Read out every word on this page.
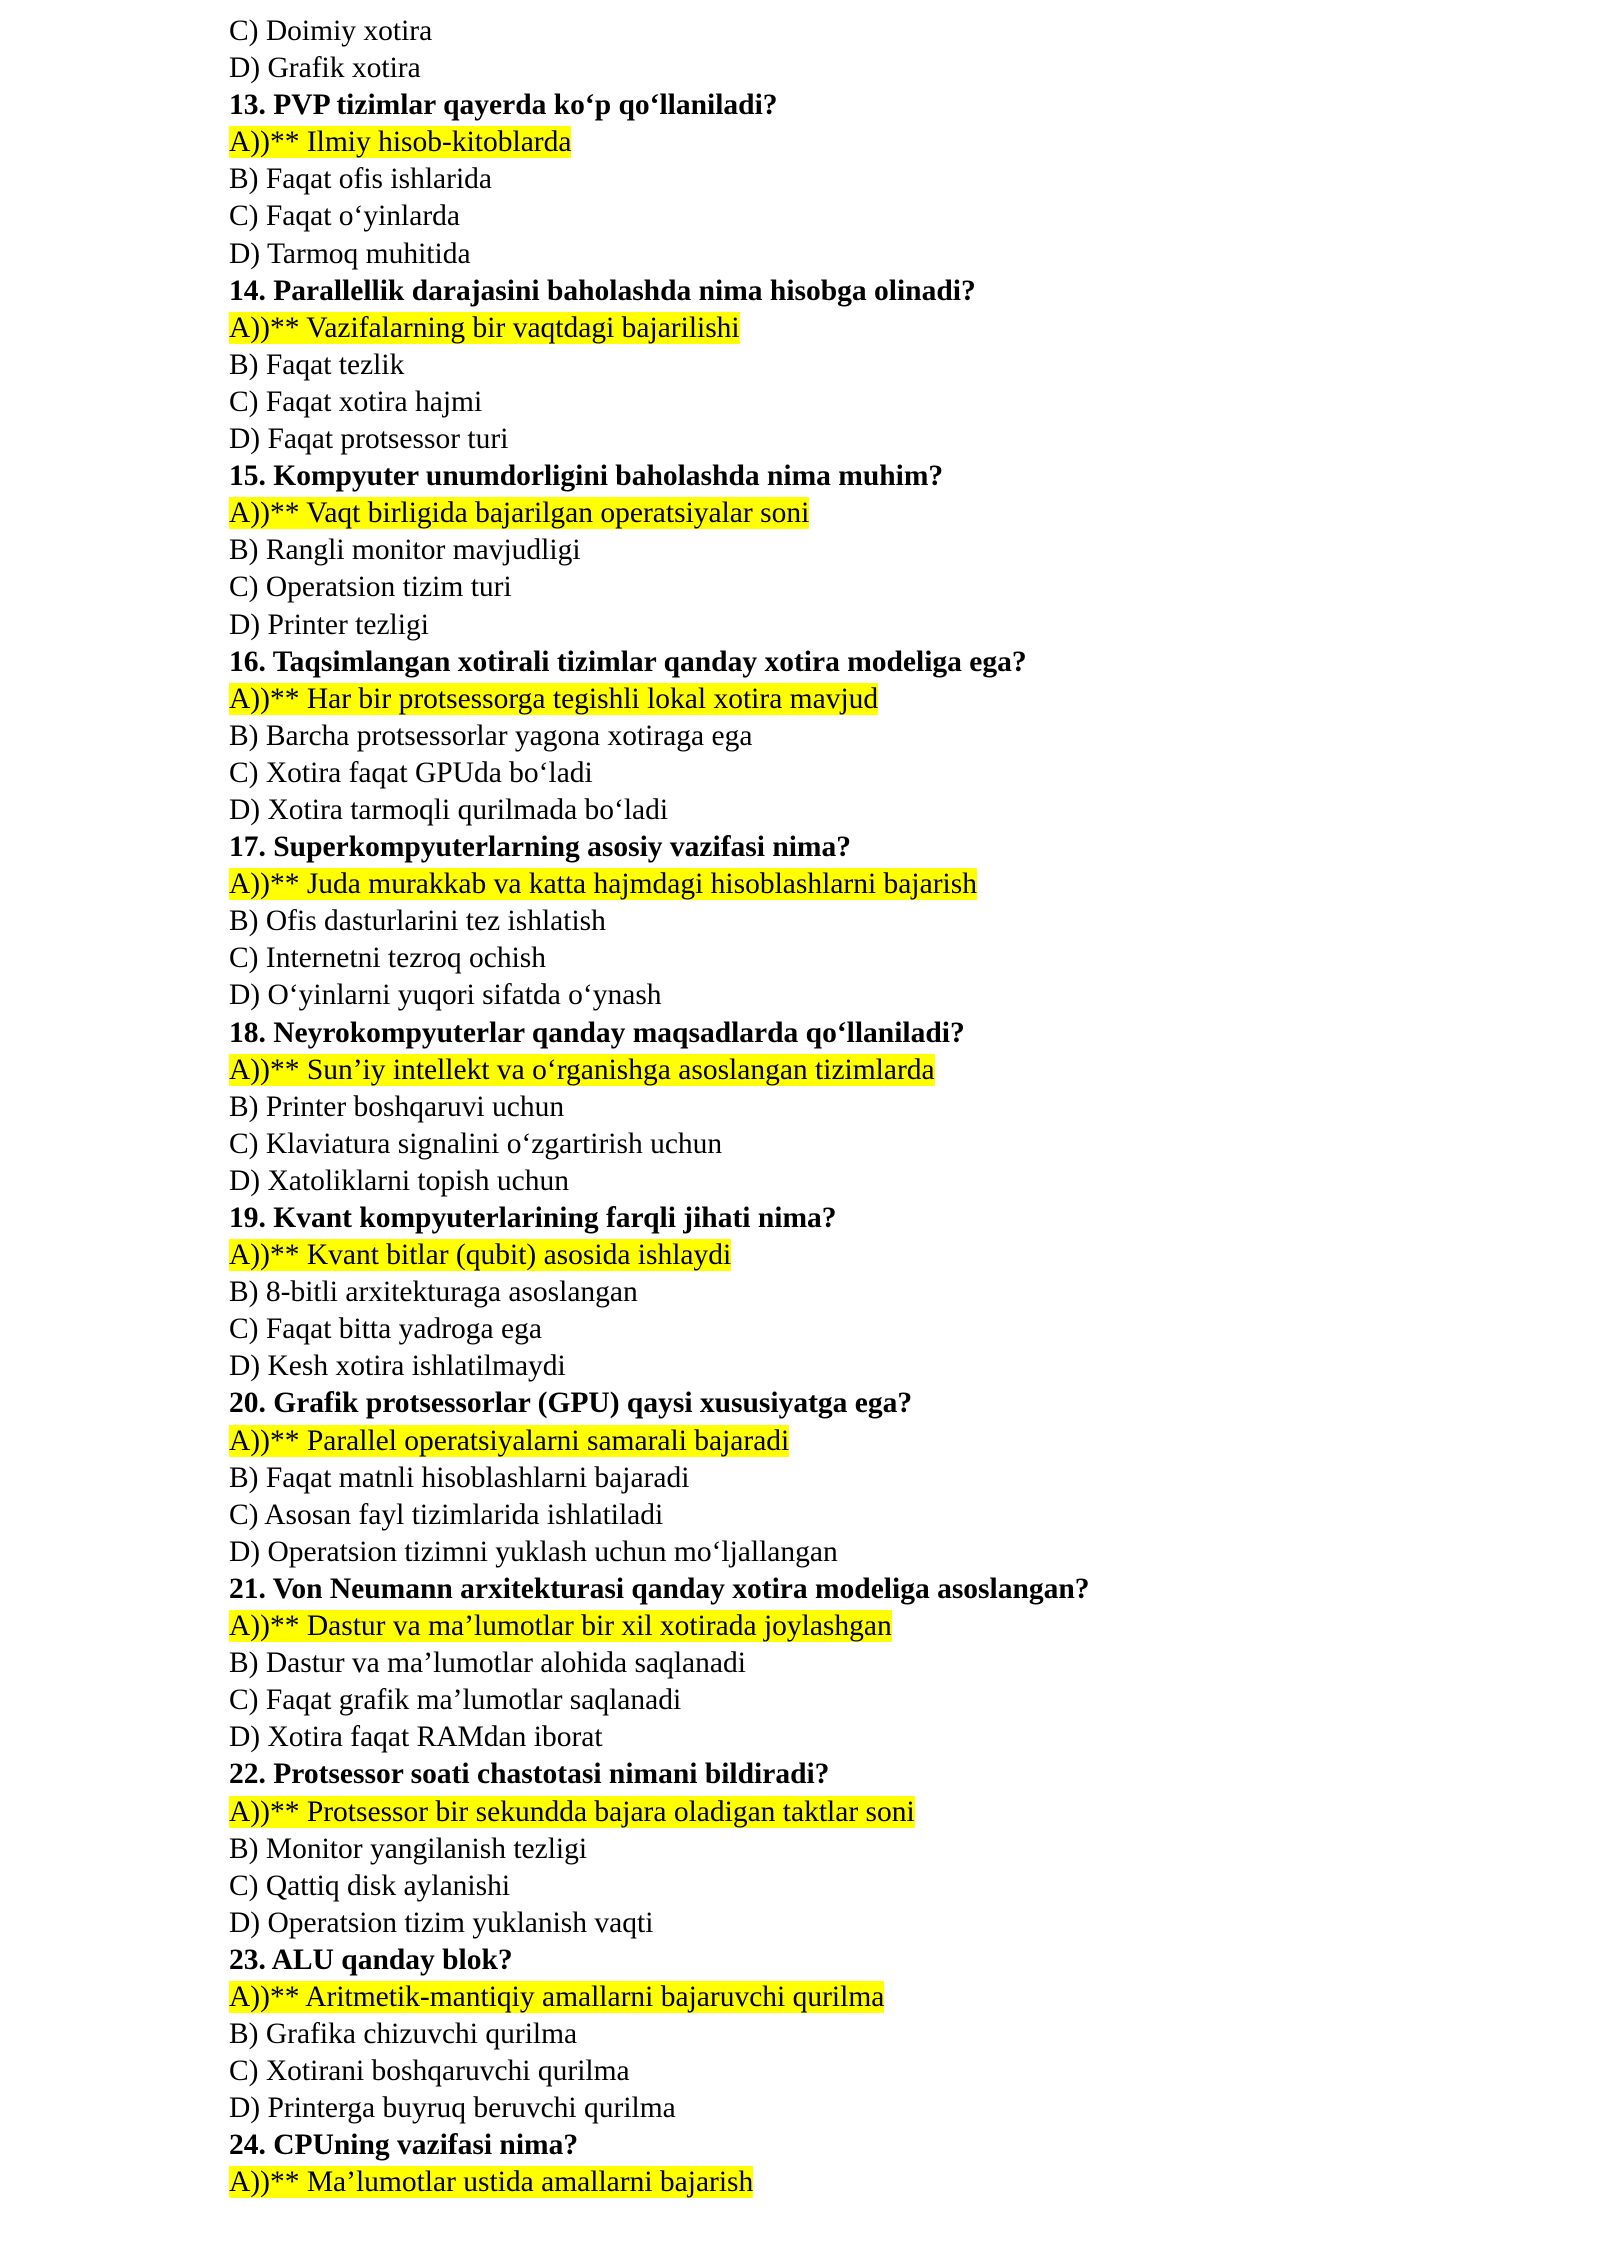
C) Doimiy xotira
D) Grafik xotira
13. PVP tizimlar qayerda ko‘p qo‘llaniladi?
A))** Ilmiy hisob-kitoblarda
B) Faqat ofis ishlarida
C) Faqat o‘yinlarda
D) Tarmoq muhitida
14. Parallellik darajasini baholashda nima hisobga olinadi?
A))** Vazifalarning bir vaqtdagi bajarilishi
B) Faqat tezlik
C) Faqat xotira hajmi
D) Faqat protsessor turi
15. Kompyuter unumdorligini baholashda nima muhim?
A))** Vaqt birligida bajarilgan operatsiyalar soni
B) Rangli monitor mavjudligi
C) Operatsion tizim turi
D) Printer tezligi
16. Taqsimlangan xotirali tizimlar qanday xotira modeliga ega?
A))** Har bir protsessorga tegishli lokal xotira mavjud
B) Barcha protsessorlar yagona xotiraga ega
C) Xotira faqat GPUda bo‘ladi
D) Xotira tarmoqli qurilmada bo‘ladi
17. Superkompyuterlarning asosiy vazifasi nima?
A))** Juda murakkab va katta hajmdagi hisoblashlarni bajarish
B) Ofis dasturlarini tez ishlatish
C) Internetni tezroq ochish
D) O‘yinlarni yuqori sifatda o‘ynash
18. Neyrokompyuterlar qanday maqsadlarda qo‘llaniladi?
A))** Sun’iy intellekt va o‘rganishga asoslangan tizimlarda
B) Printer boshqaruvi uchun
C) Klaviatura signalini o‘zgartirish uchun
D) Xatoliklarni topish uchun
19. Kvant kompyuterlarining farqli jihati nima?
A))** Kvant bitlar (qubit) asosida ishlaydi
B) 8-bitli arxitekturaga asoslangan
C) Faqat bitta yadroga ega
D) Kesh xotira ishlatilmaydi
20. Grafik protsessorlar (GPU) qaysi xususiyatga ega?
A))** Parallel operatsiyalarni samarali bajaradi
B) Faqat matnli hisoblashlarni bajaradi
C) Asosan fayl tizimlarida ishlatiladi
D) Operatsion tizimni yuklash uchun mo‘ljallangan
21. Von Neumann arxitekturasi qanday xotira modeliga asoslangan?
A))** Dastur va ma’lumotlar bir xil xotirada joylashgan
B) Dastur va ma’lumotlar alohida saqlanadi
C) Faqat grafik ma’lumotlar saqlanadi
D) Xotira faqat RAMdan iborat
22. Protsessor soati chastotasi nimani bildiradi?
A))** Protsessor bir sekundda bajara oladigan taktlar soni
B) Monitor yangilanish tezligi
C) Qattiq disk aylanishi
D) Operatsion tizim yuklanish vaqti
23. ALU qanday blok?
A))** Aritmetik-mantiqiy amallarni bajaruvchi qurilma
B) Grafika chizuvchi qurilma
C) Xotirani boshqaruvchi qurilma
D) Printerga buyruq beruvchi qurilma
24. CPUning vazifasi nima?
A))** Ma’lumotlar ustida amallarni bajarish
